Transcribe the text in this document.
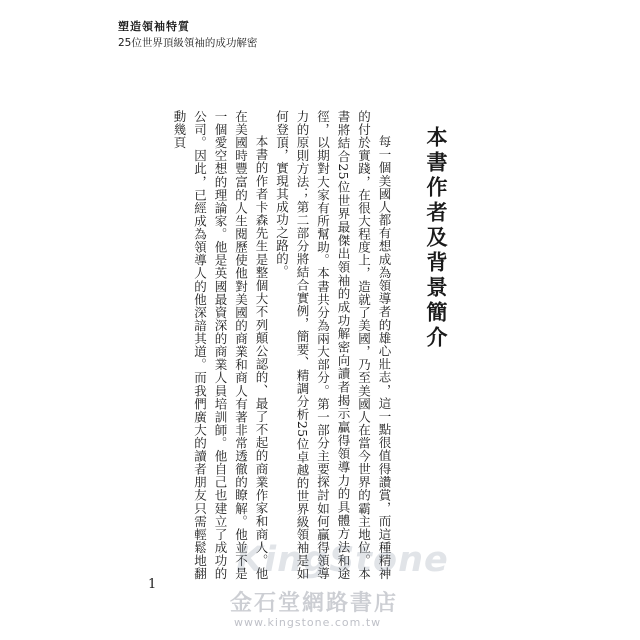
塑造領袖特質
25位世界頂級領袖的成功解密
本書作者及背景簡介

每一個美國人都有想成為領導者的雄心壯志，這一點很值得讚賞，而這種精神的付於實踐，在很大程度上，造就了美國，乃至美國人在當今世界的霸主地位。本書將結合25位世界最傑出領袖的成功解密向讀者揭示贏得領導力的具體方法和途徑，以期對大家有所幫助。本書共分為兩大部分。第一部分主要探討如何贏得領導力的原則方法；第二部分將結合實例，簡要、精調分析25位卓越的世界級領袖是如何登頂，實現其成功之路的。

本書的作者卡森先生是整個大不列顛公認的、最了不起的商業作家和商人。他在美國時豐富的人生閱歷使他對美國的商業和商人有著非常透徹的瞭解。他並不是一個愛空想的理論家。他是英國最資深的商業人員培訓師。他自己也建立了成功的公司。因此，已經成為領導人的他深諳其道。而我們廣大的讀者朋友只需輕鬆地翻動幾頁

1
KingStone
金石堂網路書店
www.kingstone.com.tw
